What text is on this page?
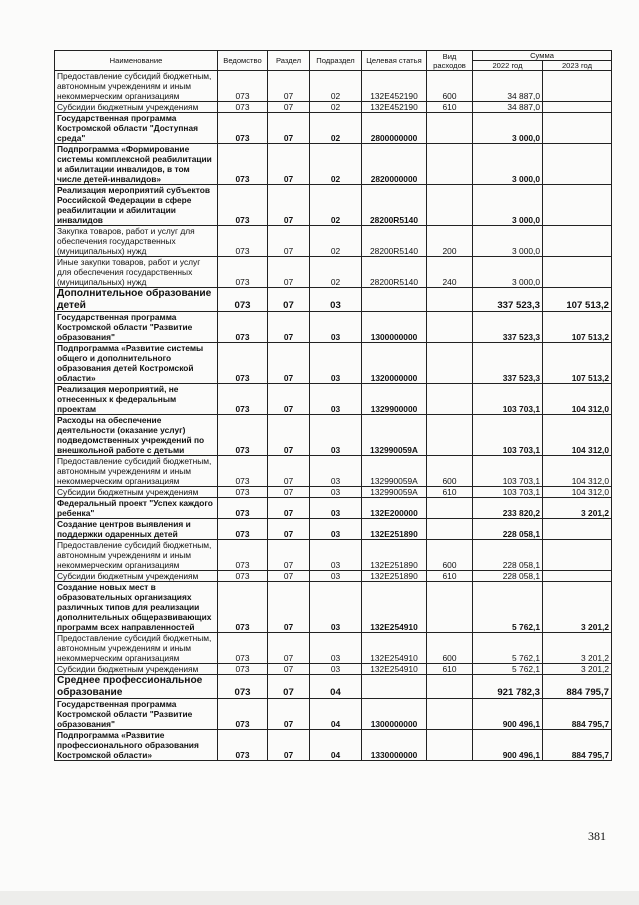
Наименование	Ведомство	Раздел	Подраздел	Целевая статья	Вид расходов	Сумма	
						2022 год	2023 год
Предоставление субсидий бюджетным, автономным учреждениям и иным некоммерческим организациям	073	07	02	132E452190	600	34 887,0	
Субсидии бюджетным учреждениям	073	07	02	132E452190	610	34 887,0	
Государственная программа Костромской области "Доступная среда"	073	07	02	2800000000		3 000,0	
Подпрограмма «Формирование системы комплексной реабилитации и абилитации инвалидов, в том числе детей-инвалидов»	073	07	02	2820000000		3 000,0	
Реализация мероприятий субъектов Российской Федерации в сфере реабилитации и абилитации инвалидов	073	07	02	28200R5140		3 000,0	
Закупка товаров, работ и услуг для обеспечения государственных (муниципальных) нужд	073	07	02	28200R5140	200	3 000,0	
Иные закупки товаров, работ и услуг для обеспечения государственных (муниципальных) нужд	073	07	02	28200R5140	240	3 000,0	
Дополнительное образование детей	073	07	03			337 523,3	107 513,2
Государственная программа Костромской области "Развитие образования"	073	07	03	1300000000		337 523,3	107 513,2
Подпрограмма «Развитие системы общего и дополнительного образования детей Костромской области»	073	07	03	1320000000		337 523,3	107 513,2
Реализация мероприятий, не отнесенных к федеральным проектам	073	07	03	1329900000		103 703,1	104 312,0
Расходы на обеспечение деятельности (оказание услуг) подведомственных учреждений по внешкольной работе с детьми	073	07	03	132990059А		103 703,1	104 312,0
Предоставление субсидий бюджетным, автономным учреждениям и иным некоммерческим организациям	073	07	03	132990059А	600	103 703,1	104 312,0
Субсидии бюджетным учреждениям	073	07	03	132990059А	610	103 703,1	104 312,0
Федеральный проект "Успех каждого ребенка"	073	07	03	132E200000		233 820,2	3 201,2
Создание центров выявления и поддержки одаренных детей	073	07	03	132E251890		228 058,1	
Предоставление субсидий бюджетным, автономным учреждениям и иным некоммерческим организациям	073	07	03	132E251890	600	228 058,1	
Субсидии бюджетным учреждениям	073	07	03	132E251890	610	228 058,1	
Создание новых мест в образовательных организациях различных типов для реализации дополнительных общеразвивающих программ всех направленностей	073	07	03	132E254910		5 762,1	3 201,2
Предоставление субсидий бюджетным, автономным учреждениям и иным некоммерческим организациям	073	07	03	132E254910	600	5 762,1	3 201,2
Субсидии бюджетным учреждениям	073	07	03	132E254910	610	5 762,1	3 201,2
Среднее профессиональное образование	073	07	04			921 782,3	884 795,7
Государственная программа Костромской области "Развитие образования"	073	07	04	1300000000		900 496,1	884 795,7
Подпрограмма «Развитие профессионального образования Костромской области»	073	07	04	1330000000		900 496,1	884 795,7
381
